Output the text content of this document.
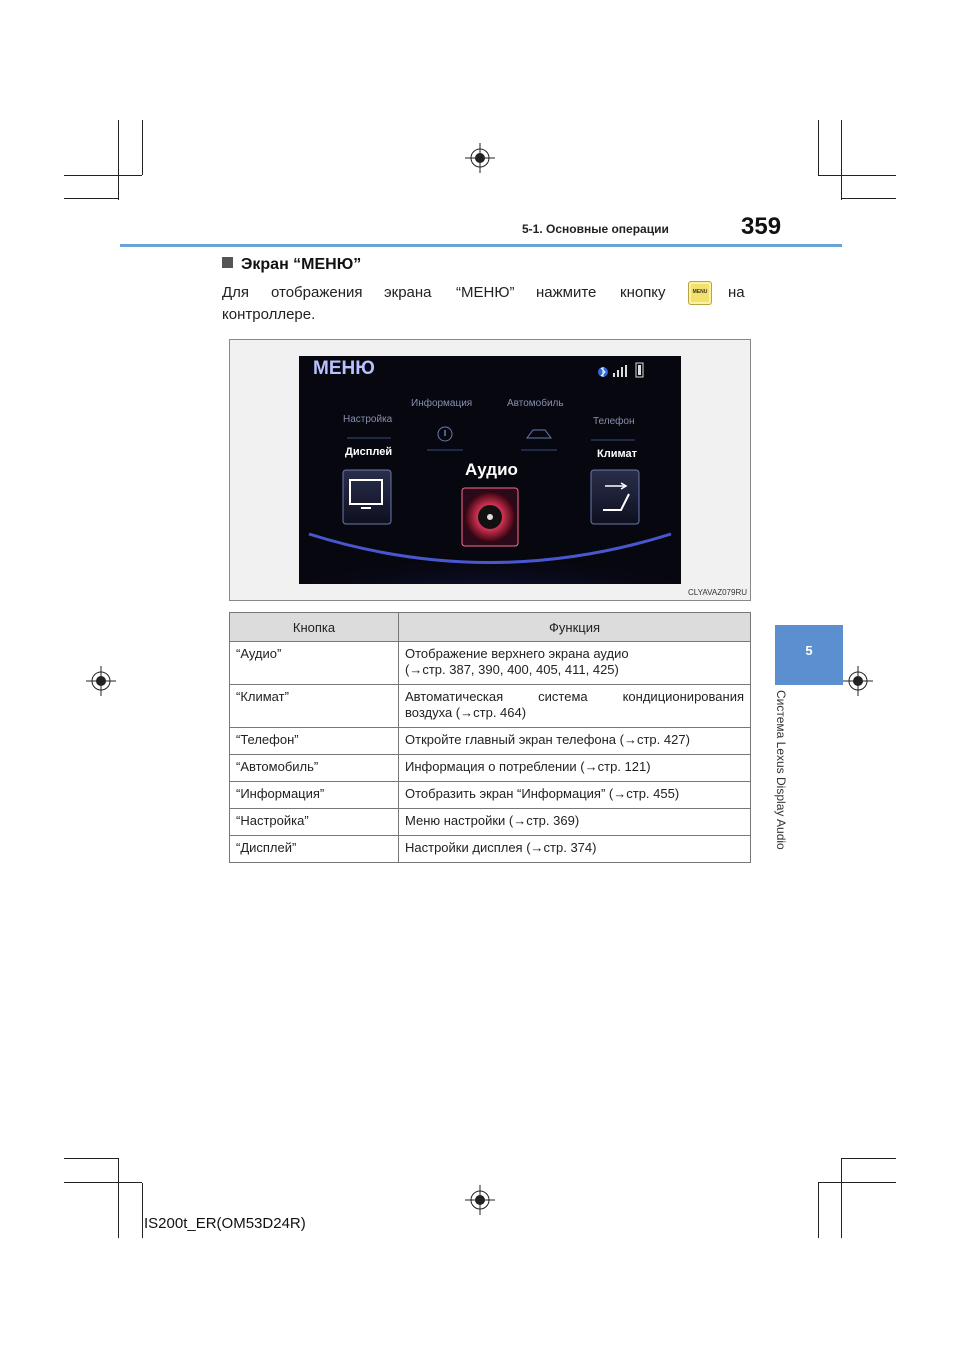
5-1. Основные операции	359
5
Система Lexus Display Audio
Экран “МЕНЮ”
Для отображения экрана “МЕНЮ” нажмите кнопку	на
MENU
контроллере.
МЕНЮ
Настройка
Информация	Автомобиль
Телефон
Дисплей
Аудио
Климат
CLYAVAZ079RU
Кнопка	Функция
“Аудио”	Отображение верхнего экрана аудио
(→стр. 387, 390, 400, 405, 411, 425)

“Климат”	Автоматическая система кондиционирования
воздуха (→стр. 464)

“Телефон”	Откройте главный экран телефона (→стр. 427)
“Автомобиль”	Информация о потреблении (→стр. 121)
“Информация”	Отобразить экран “Информация” (→стр. 455)
“Настройка”	Меню настройки (→стр. 369)
“Дисплей”	Настройки дисплея (→стр. 374)
IS200t_ER(OM53D24R)
